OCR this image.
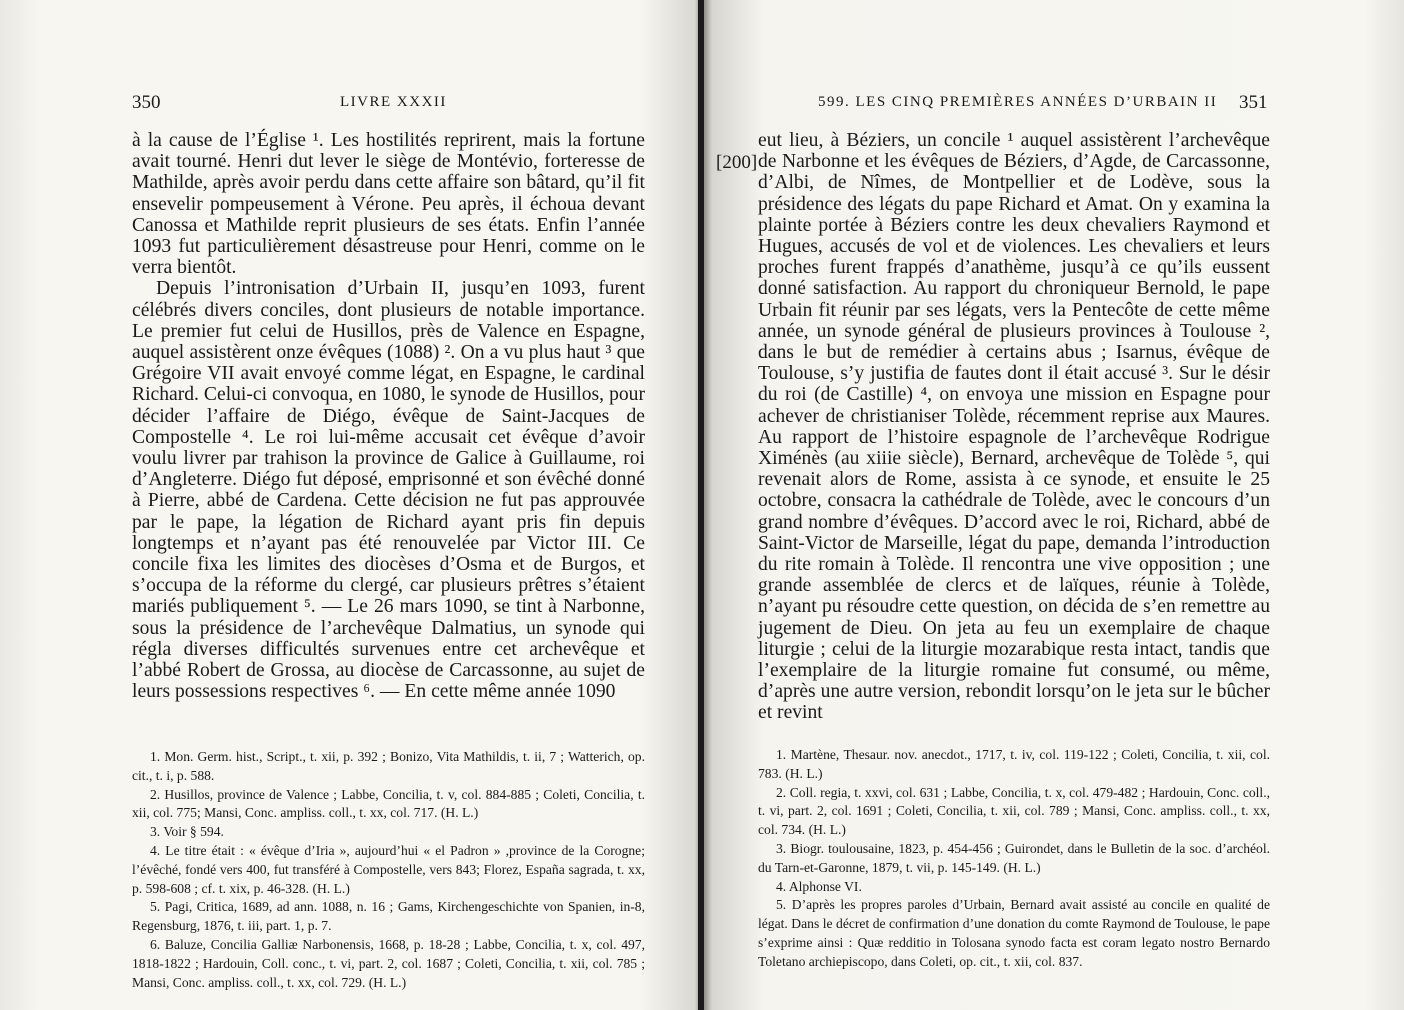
350	LIVRE XXXII

à la cause de l’Église ¹. Les hostilités reprirent, mais la fortune avait tourné. Henri dut lever le siège de Montévio, forteresse de Mathilde, après avoir perdu dans cette affaire son bâtard, qu’il fit ensevelir pompeusement à Vérone. Peu après, il échoua devant Canossa et Mathilde reprit plusieurs de ses états. Enfin l’année 1093 fut particulièrement désastreuse pour Henri, comme on le verra bientôt.

Depuis l’intronisation d’Urbain II, jusqu’en 1093, furent célébrés divers conciles, dont plusieurs de notable importance. Le premier fut celui de Husillos, près de Valence en Espagne, auquel assistèrent onze évêques (1088) ². On a vu plus haut ³ que Grégoire VII avait envoyé comme légat, en Espagne, le cardinal Richard. Celui-ci convoqua, en 1080, le synode de Husillos, pour décider l’affaire de Diégo, évêque de Saint-Jacques de Compostelle ⁴. Le roi lui-même accusait cet évêque d’avoir voulu livrer par trahison la province de Galice à Guillaume, roi d’Angleterre. Diégo fut déposé, emprisonné et son évêché donné à Pierre, abbé de Cardena. Cette décision ne fut pas approuvée par le pape, la légation de Richard ayant pris fin depuis longtemps et n’ayant pas été renouvelée par Victor III. Ce concile fixa les limites des diocèses d’Osma et de Burgos, et s’occupa de la réforme du clergé, car plusieurs prêtres s’étaient mariés publiquement ⁵. — Le 26 mars 1090, se tint à Narbonne, sous la présidence de l’archevêque Dalmatius, un synode qui régla diverses difficultés survenues entre cet archevêque et l’abbé Robert de Grossa, au diocèse de Carcassonne, au sujet de leurs possessions respectives ⁶. — En cette même année 1090

1. Mon. Germ. hist., Script., t. xii, p. 392 ; Bonizo, Vita Mathildis, t. ii, 7 ; Watterich, op. cit., t. i, p. 588.

2. Husillos, province de Valence ; Labbe, Concilia, t. v, col. 884-885 ; Coleti, Concilia, t. xii, col. 775; Mansi, Conc. ampliss. coll., t. xx, col. 717. (H. L.)

3. Voir § 594.

4. Le titre était : « évêque d’Iria », aujourd’hui « el Padron » ,province de la Corogne; l’évêché, fondé vers 400, fut transféré à Compostelle, vers 843; Florez, España sagrada, t. xx, p. 598-608 ; cf. t. xix, p. 46-328. (H. L.)

5. Pagi, Critica, 1689, ad ann. 1088, n. 16 ; Gams, Kirchengeschichte von Spanien, in-8, Regensburg, 1876, t. iii, part. 1, p. 7.

6. Baluze, Concilia Galliæ Narbonensis, 1668, p. 18-28 ; Labbe, Concilia, t. x, col. 497, 1818-1822 ; Hardouin, Coll. conc., t. vi, part. 2, col. 1687 ; Coleti, Concilia, t. xii, col. 785 ; Mansi, Conc. ampliss. coll., t. xx, col. 729. (H. L.)

599. LES CINQ PREMIÈRES ANNÉES D’URBAIN II 351
[200]

eut lieu, à Béziers, un concile ¹ auquel assistèrent l’archevêque de Narbonne et les évêques de Béziers, d’Agde, de Carcassonne, d’Albi, de Nîmes, de Montpellier et de Lodève, sous la présidence des légats du pape Richard et Amat. On y examina la plainte portée à Béziers contre les deux chevaliers Raymond et Hugues, accusés de vol et de violences. Les chevaliers et leurs proches furent frappés d’anathème, jusqu’à ce qu’ils eussent donné satisfaction. Au rapport du chroniqueur Bernold, le pape Urbain fit réunir par ses légats, vers la Pentecôte de cette même année, un synode général de plusieurs provinces à Toulouse ², dans le but de remédier à certains abus ; Isarnus, évêque de Toulouse, s’y justifia de fautes dont il était accusé ³. Sur le désir du roi (de Castille) ⁴, on envoya une mission en Espagne pour achever de christianiser Tolède, récemment reprise aux Maures. Au rapport de l’histoire espagnole de l’archevêque Rodrigue Ximénès (au xiiie siècle), Bernard, archevêque de Tolède ⁵, qui revenait alors de Rome, assista à ce synode, et ensuite le 25 octobre, consacra la cathédrale de Tolède, avec le concours d’un grand nombre d’évêques. D’accord avec le roi, Richard, abbé de Saint-Victor de Marseille, légat du pape, demanda l’introduction du rite romain à Tolède. Il rencontra une vive opposition ; une grande assemblée de clercs et de laïques, réunie à Tolède, n’ayant pu résoudre cette question, on décida de s’en remettre au jugement de Dieu. On jeta au feu un exemplaire de chaque liturgie ; celui de la liturgie mozarabique resta intact, tandis que l’exemplaire de la liturgie romaine fut consumé, ou même, d’après une autre version, rebondit lorsqu’on le jeta sur le bûcher et revint

1. Martène, Thesaur. nov. anecdot., 1717, t. iv, col. 119-122 ; Coleti, Concilia, t. xii, col. 783. (H. L.)

2. Coll. regia, t. xxvi, col. 631 ; Labbe, Concilia, t. x, col. 479-482 ; Hardouin, Conc. coll., t. vi, part. 2, col. 1691 ; Coleti, Concilia, t. xii, col. 789 ; Mansi, Conc. ampliss. coll., t. xx, col. 734. (H. L.)

3. Biogr. toulousaine, 1823, p. 454-456 ; Guirondet, dans le Bulletin de la soc. d’archéol. du Tarn-et-Garonne, 1879, t. vii, p. 145-149. (H. L.)

4. Alphonse VI.

5. D’après les propres paroles d’Urbain, Bernard avait assisté au concile en qualité de légat. Dans le décret de confirmation d’une donation du comte Raymond de Toulouse, le pape s’exprime ainsi : Quæ redditio in Tolosana synodo facta est coram legato nostro Bernardo Toletano archiepiscopo, dans Coleti, op. cit., t. xii, col. 837.
